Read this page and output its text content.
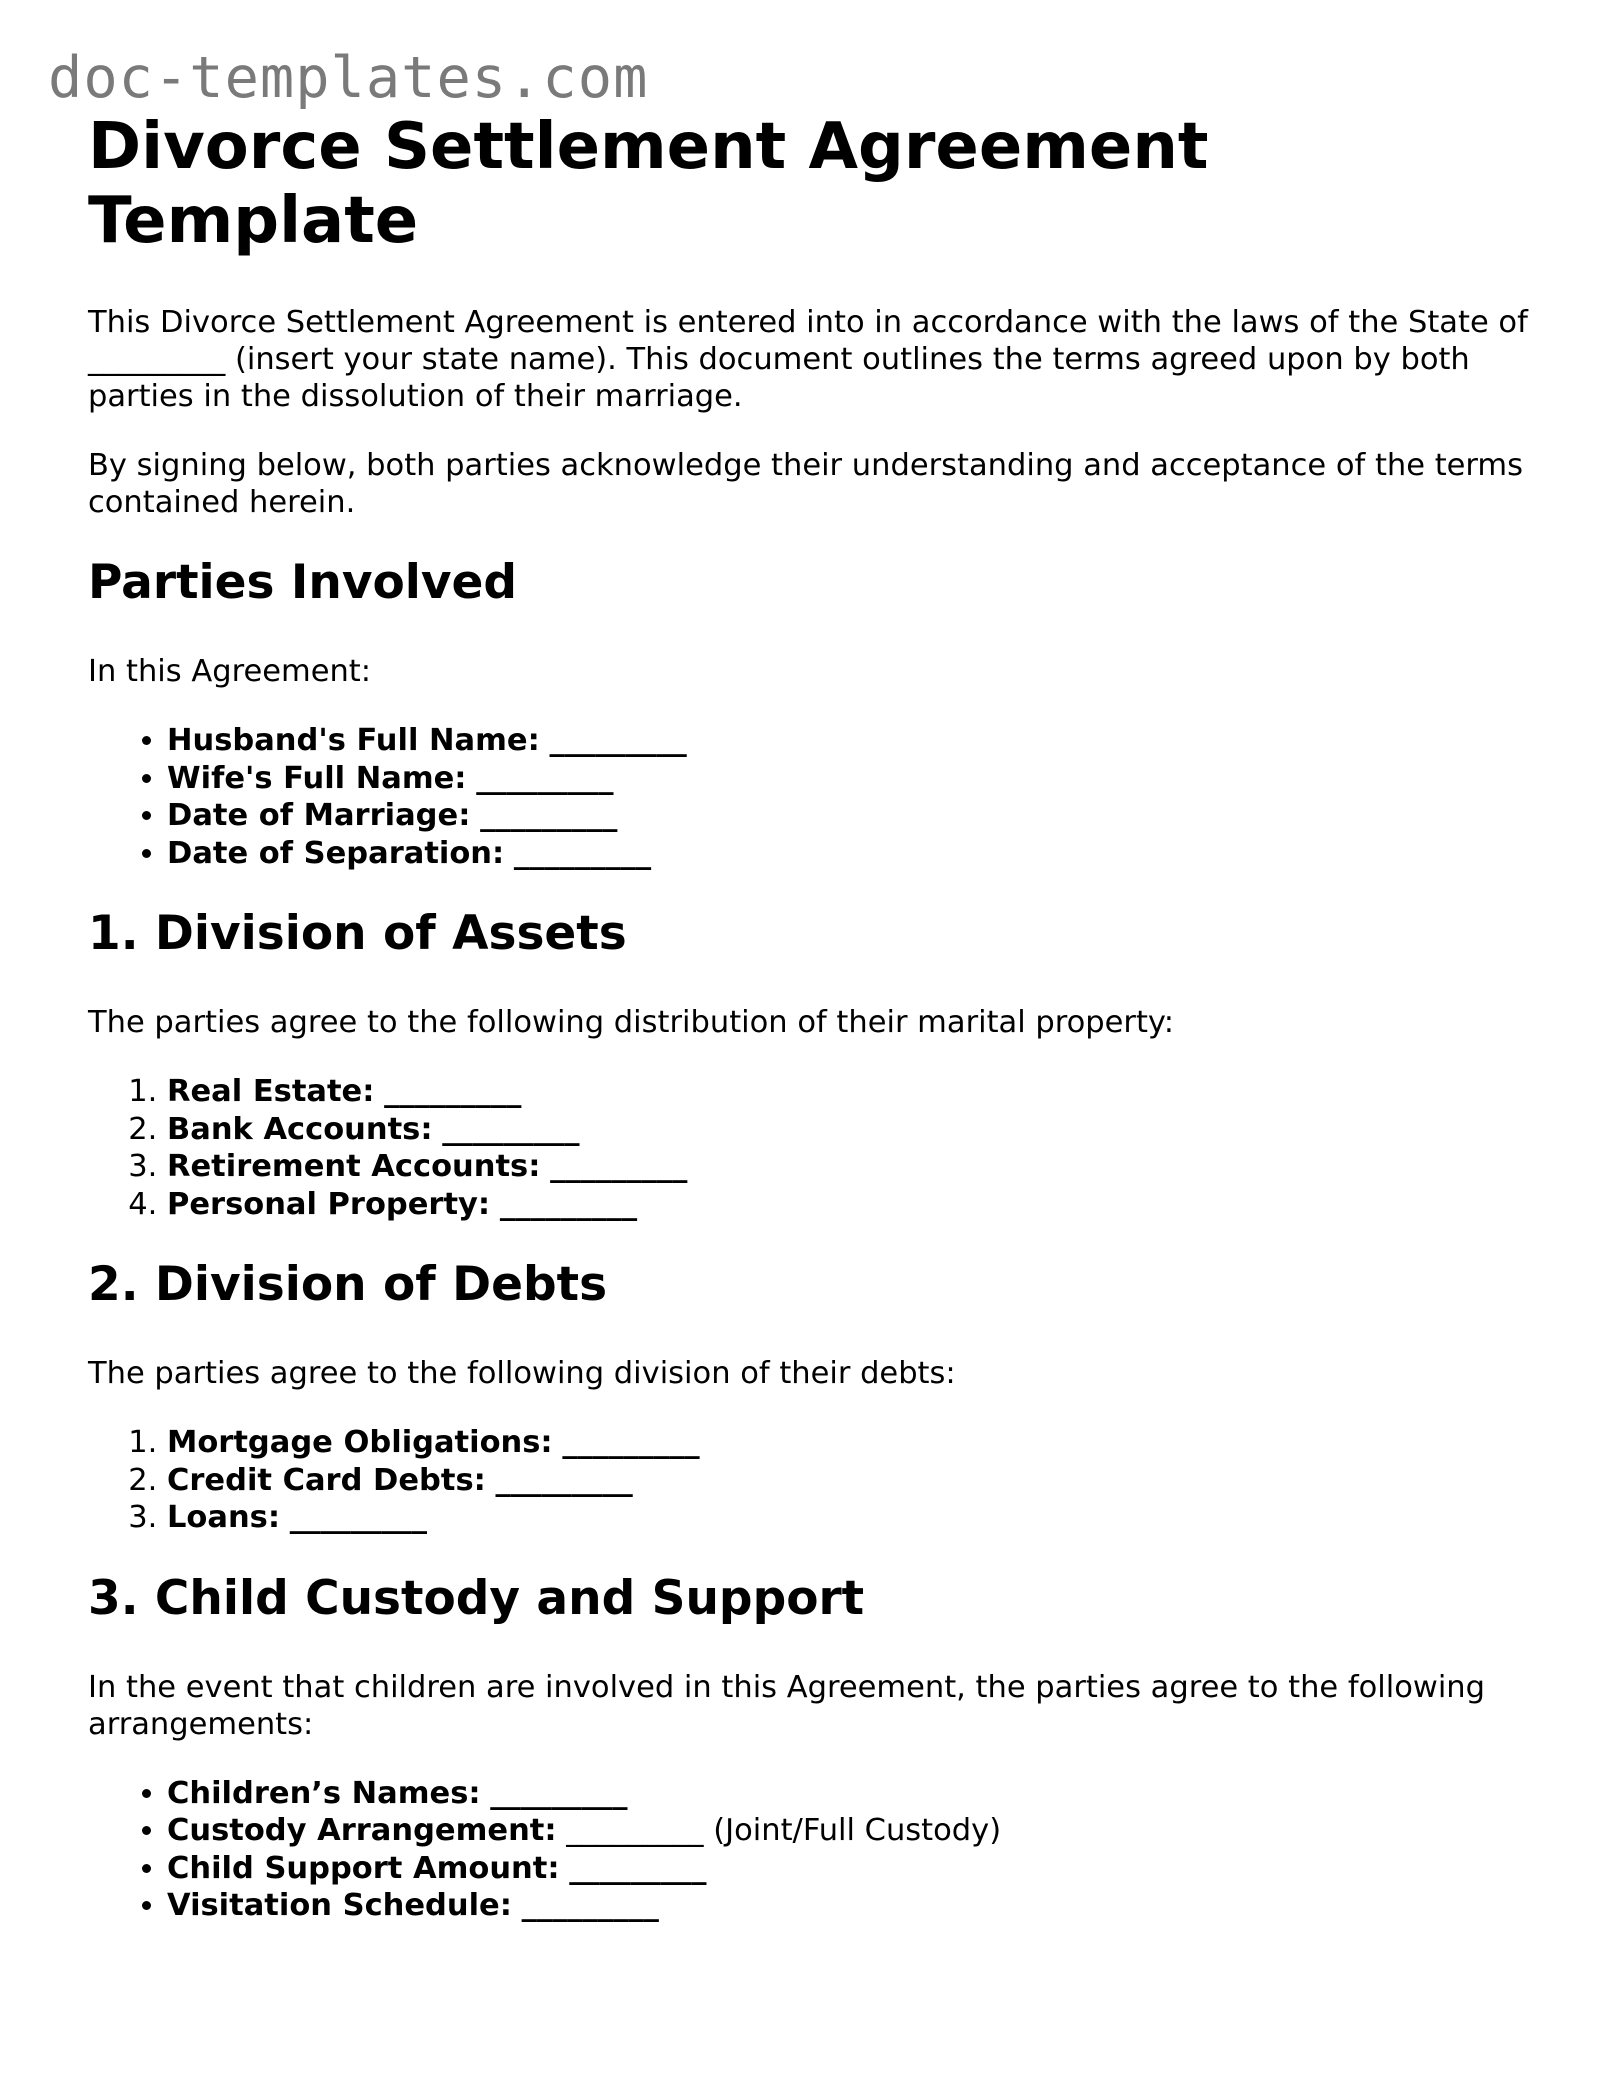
doc-templates.com
Divorce Settlement Agreement Template

This Divorce Settlement Agreement is entered into in accordance with the laws of the State of _________ (insert your state name). This document outlines the terms agreed upon by both parties in the dissolution of their marriage.

By signing below, both parties acknowledge their understanding and acceptance of the terms contained herein.

Parties Involved

In this Agreement:

• Husband's Full Name: _________
• Wife's Full Name: _________
• Date of Marriage: _________
• Date of Separation: _________
1. Division of Assets

The parties agree to the following distribution of their marital property:

1. Real Estate: _________
2. Bank Accounts: _________
3. Retirement Accounts: _________
4. Personal Property: _________
2. Division of Debts

The parties agree to the following division of their debts:

1. Mortgage Obligations: _________
2. Credit Card Debts: _________
3. Loans: _________
3. Child Custody and Support

In the event that children are involved in this Agreement, the parties agree to the following arrangements:

• Children’s Names: _________
• Custody Arrangement: _________ (Joint/Full Custody)
• Child Support Amount: _________
• Visitation Schedule: _________
